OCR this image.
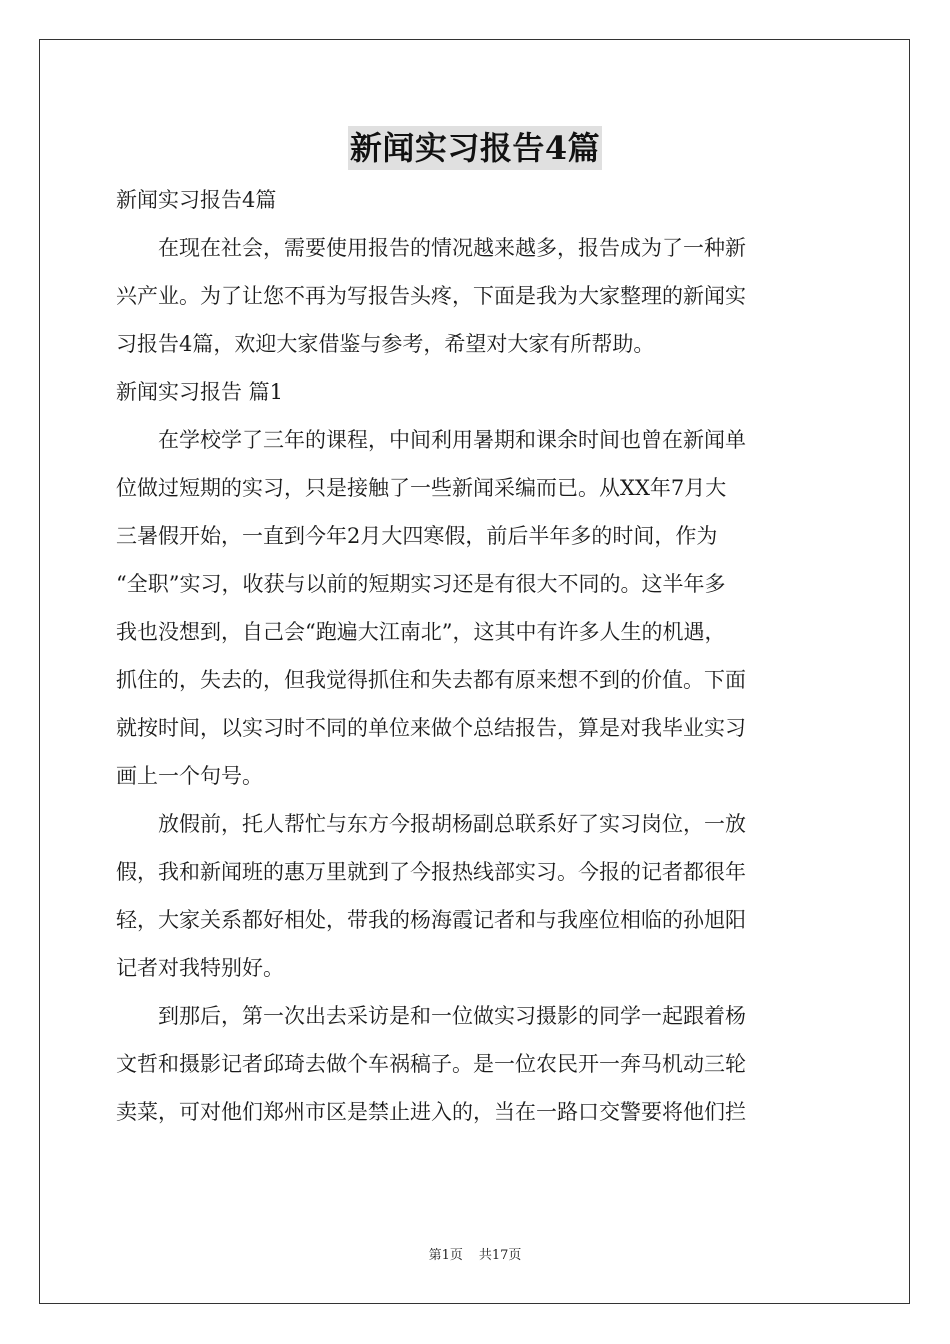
新闻实习报告4篇

新闻实习报告4篇

　　在现在社会，需要使用报告的情况越来越多，报告成为了一种新

兴产业。为了让您不再为写报告头疼，下面是我为大家整理的新闻实

习报告4篇，欢迎大家借鉴与参考，希望对大家有所帮助。

新闻实习报告 篇1

　　在学校学了三年的课程，中间利用暑期和课余时间也曾在新闻单

位做过短期的实习，只是接触了一些新闻采编而已。从XX年7月大

三暑假开始，一直到今年2月大四寒假，前后半年多的时间，作为

“全职”实习，收获与以前的短期实习还是有很大不同的。这半年多

我也没想到，自己会“跑遍大江南北”，这其中有许多人生的机遇，

抓住的，失去的，但我觉得抓住和失去都有原来想不到的价值。下面

就按时间，以实习时不同的单位来做个总结报告，算是对我毕业实习

画上一个句号。

　　放假前，托人帮忙与东方今报胡杨副总联系好了实习岗位，一放

假，我和新闻班的惠万里就到了今报热线部实习。今报的记者都很年

轻，大家关系都好相处，带我的杨海霞记者和与我座位相临的孙旭阳

记者对我特别好。

　　到那后，第一次出去采访是和一位做实习摄影的同学一起跟着杨

文哲和摄影记者邱琦去做个车祸稿子。是一位农民开一奔马机动三轮

卖菜，可对他们郑州市区是禁止进入的，当在一路口交警要将他们拦

第1页 共17页
